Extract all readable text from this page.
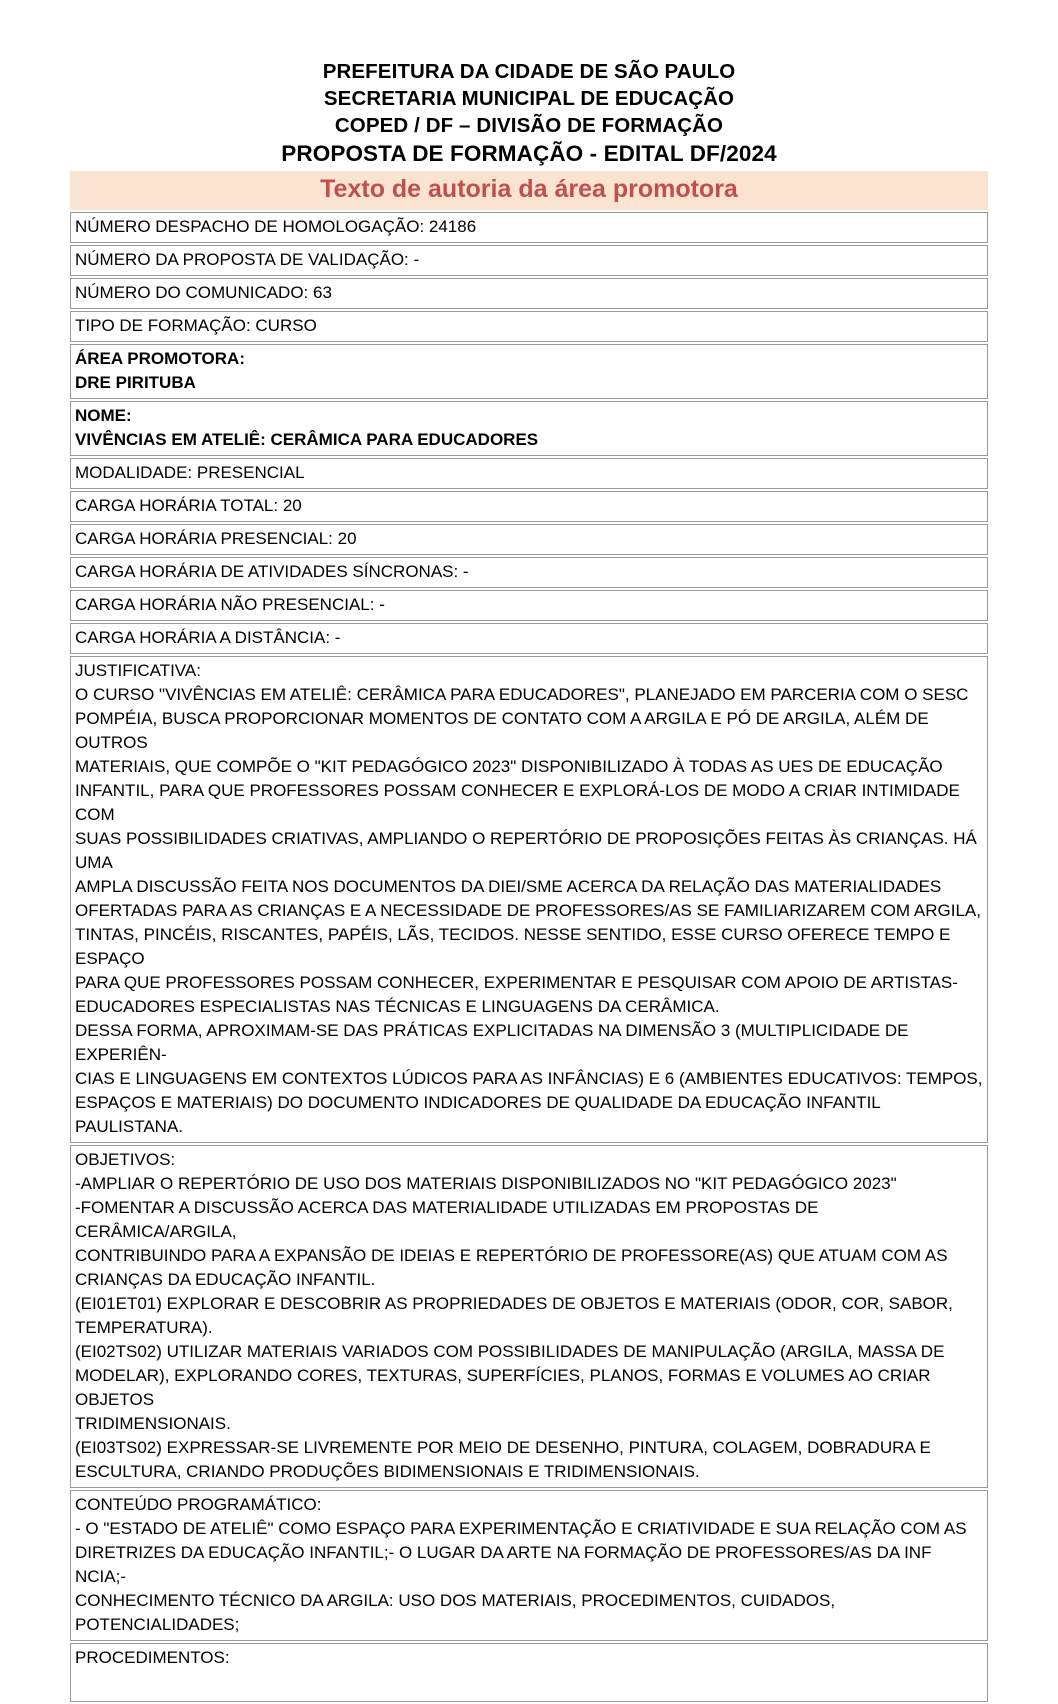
PREFEITURA DA CIDADE DE SÃO PAULO
SECRETARIA MUNICIPAL DE EDUCAÇÃO
COPED / DF – DIVISÃO DE FORMAÇÃO
PROPOSTA DE FORMAÇÃO - EDITAL DF/2024
Texto de autoria da área promotora
NÚMERO DESPACHO DE HOMOLOGAÇÃO: 24186
NÚMERO DA PROPOSTA DE VALIDAÇÃO: -
NÚMERO DO COMUNICADO: 63
TIPO DE FORMAÇÃO: CURSO

ÁREA PROMOTORA:
DRE PIRITUBA

NOME:
VIVÊNCIAS EM ATELIÊ: CERÂMICA PARA EDUCADORES

MODALIDADE: PRESENCIAL
CARGA HORÁRIA TOTAL: 20
CARGA HORÁRIA PRESENCIAL: 20
CARGA HORÁRIA DE ATIVIDADES SÍNCRONAS: -
CARGA HORÁRIA NÃO PRESENCIAL: -
CARGA HORÁRIA A DISTÂNCIA: -

JUSTIFICATIVA:
O CURSO "VIVÊNCIAS EM ATELIÊ: CERÂMICA PARA EDUCADORES", PLANEJADO EM PARCERIA COM O SESC
POMPÉIA, BUSCA PROPORCIONAR MOMENTOS DE CONTATO COM A ARGILA E PÓ DE ARGILA, ALÉM DE OUTROS
MATERIAIS, QUE COMPÕE O "KIT PEDAGÓGICO 2023" DISPONIBILIZADO À TODAS AS UES DE EDUCAÇÃO
INFANTIL, PARA QUE PROFESSORES POSSAM CONHECER E EXPLORÁ-LOS DE MODO A CRIAR INTIMIDADE COM
SUAS POSSIBILIDADES CRIATIVAS, AMPLIANDO O REPERTÓRIO DE PROPOSIÇÕES FEITAS ÀS CRIANÇAS. HÁ UMA
AMPLA DISCUSSÃO FEITA NOS DOCUMENTOS DA DIEI/SME ACERCA DA RELAÇÃO DAS MATERIALIDADES
OFERTADAS PARA AS CRIANÇAS E A NECESSIDADE DE PROFESSORES/AS SE FAMILIARIZAREM COM ARGILA,
TINTAS, PINCÉIS, RISCANTES, PAPÉIS, LÃS, TECIDOS. NESSE SENTIDO, ESSE CURSO OFERECE TEMPO E ESPAÇO
PARA QUE PROFESSORES POSSAM CONHECER, EXPERIMENTAR E PESQUISAR COM APOIO DE ARTISTAS-
EDUCADORES ESPECIALISTAS NAS TÉCNICAS E LINGUAGENS DA CERÂMICA.
DESSA FORMA, APROXIMAM-SE DAS PRÁTICAS EXPLICITADAS NA DIMENSÃO 3 (MULTIPLICIDADE DE EXPERIÊN-
CIAS E LINGUAGENS EM CONTEXTOS LÚDICOS PARA AS INFÂNCIAS) E 6 (AMBIENTES EDUCATIVOS: TEMPOS,
ESPAÇOS E MATERIAIS) DO DOCUMENTO INDICADORES DE QUALIDADE DA EDUCAÇÃO INFANTIL PAULISTANA.

OBJETIVOS:
-AMPLIAR O REPERTÓRIO DE USO DOS MATERIAIS DISPONIBILIZADOS NO "KIT PEDAGÓGICO 2023"
-FOMENTAR A DISCUSSÃO ACERCA DAS MATERIALIDADE UTILIZADAS EM PROPOSTAS DE CERÂMICA/ARGILA,
CONTRIBUINDO PARA A EXPANSÃO DE IDEIAS E REPERTÓRIO DE PROFESSORE(AS) QUE ATUAM COM AS
CRIANÇAS DA EDUCAÇÃO INFANTIL.
(EI01ET01) EXPLORAR E DESCOBRIR AS PROPRIEDADES DE OBJETOS E MATERIAIS (ODOR, COR, SABOR,
TEMPERATURA).
(EI02TS02) UTILIZAR MATERIAIS VARIADOS COM POSSIBILIDADES DE MANIPULAÇÃO (ARGILA, MASSA DE
MODELAR), EXPLORANDO CORES, TEXTURAS, SUPERFÍCIES, PLANOS, FORMAS E VOLUMES AO CRIAR OBJETOS
TRIDIMENSIONAIS.
(EI03TS02) EXPRESSAR-SE LIVREMENTE POR MEIO DE DESENHO, PINTURA, COLAGEM, DOBRADURA E
ESCULTURA, CRIANDO PRODUÇÕES BIDIMENSIONAIS E TRIDIMENSIONAIS.

CONTEÚDO PROGRAMÁTICO:
- O "ESTADO DE ATELIÊ" COMO ESPAÇO PARA EXPERIMENTAÇÃO E CRIATIVIDADE E SUA RELAÇÃO COM AS
DIRETRIZES DA EDUCAÇÃO INFANTIL;- O LUGAR DA ARTE NA FORMAÇÃO DE PROFESSORES/AS DA INF NCIA;-
CONHECIMENTO TÉCNICO DA ARGILA: USO DOS MATERIAIS, PROCEDIMENTOS, CUIDADOS, POTENCIALIDADES;

PROCEDIMENTOS:
